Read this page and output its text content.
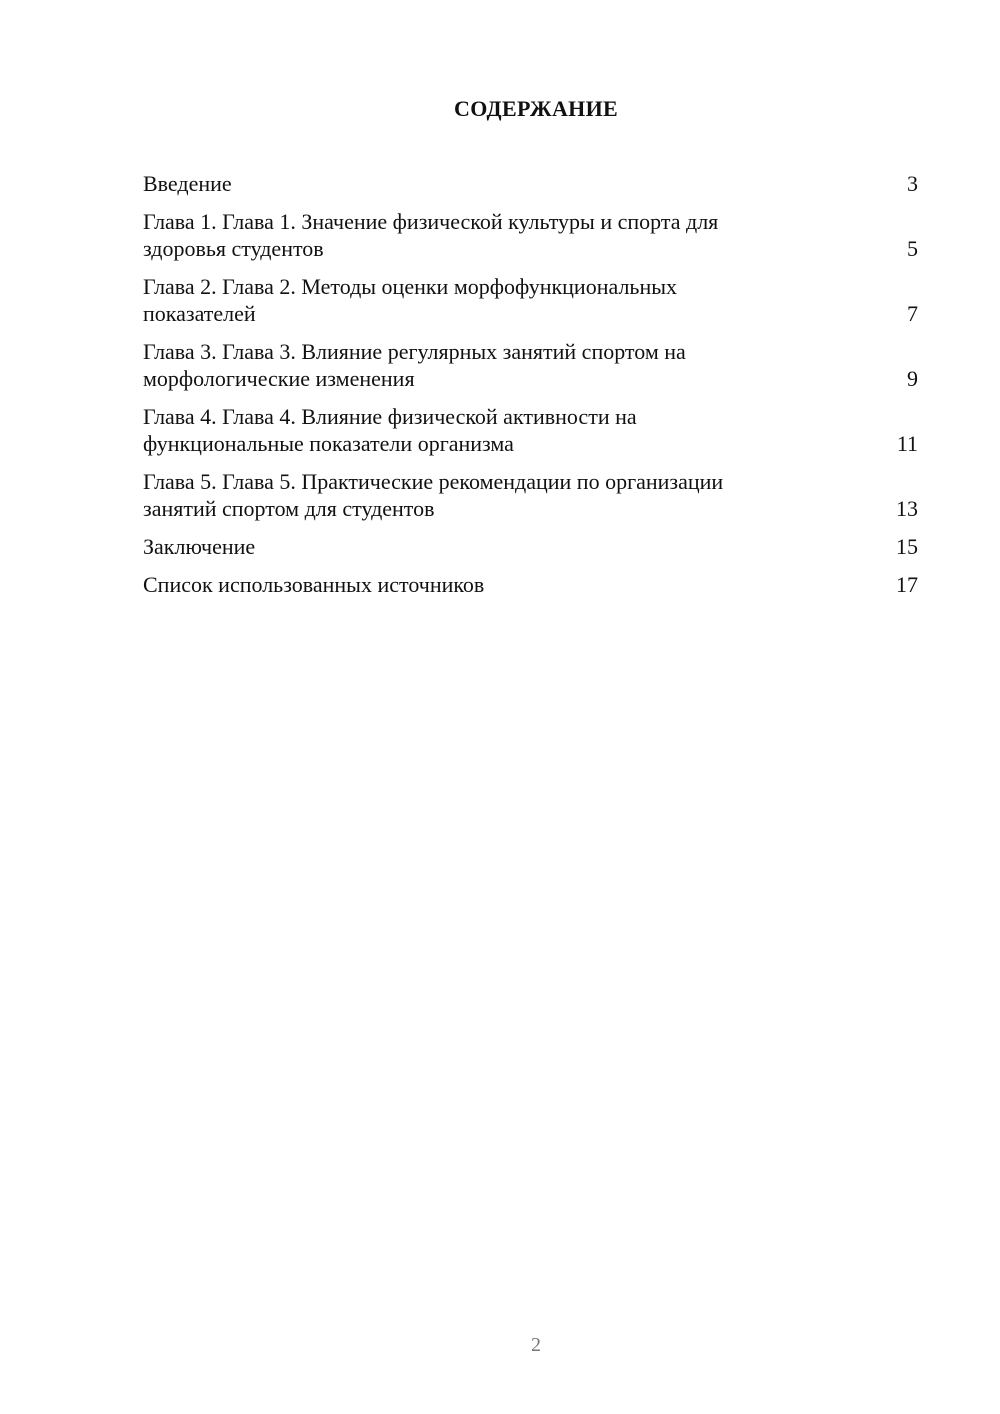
СОДЕРЖАНИЕ
Введение	3
Глава 1. Глава 1. Значение физической культуры и спорта для
здоровья студентов	5
Глава 2. Глава 2. Методы оценки морфофункциональных
показателей	7
Глава 3. Глава 3. Влияние регулярных занятий спортом на
морфологические изменения	9
Глава 4. Глава 4. Влияние физической активности на
функциональные показатели организма	11
Глава 5. Глава 5. Практические рекомендации по организации
занятий спортом для студентов	13
Заключение	15
Список использованных источников	17
2
